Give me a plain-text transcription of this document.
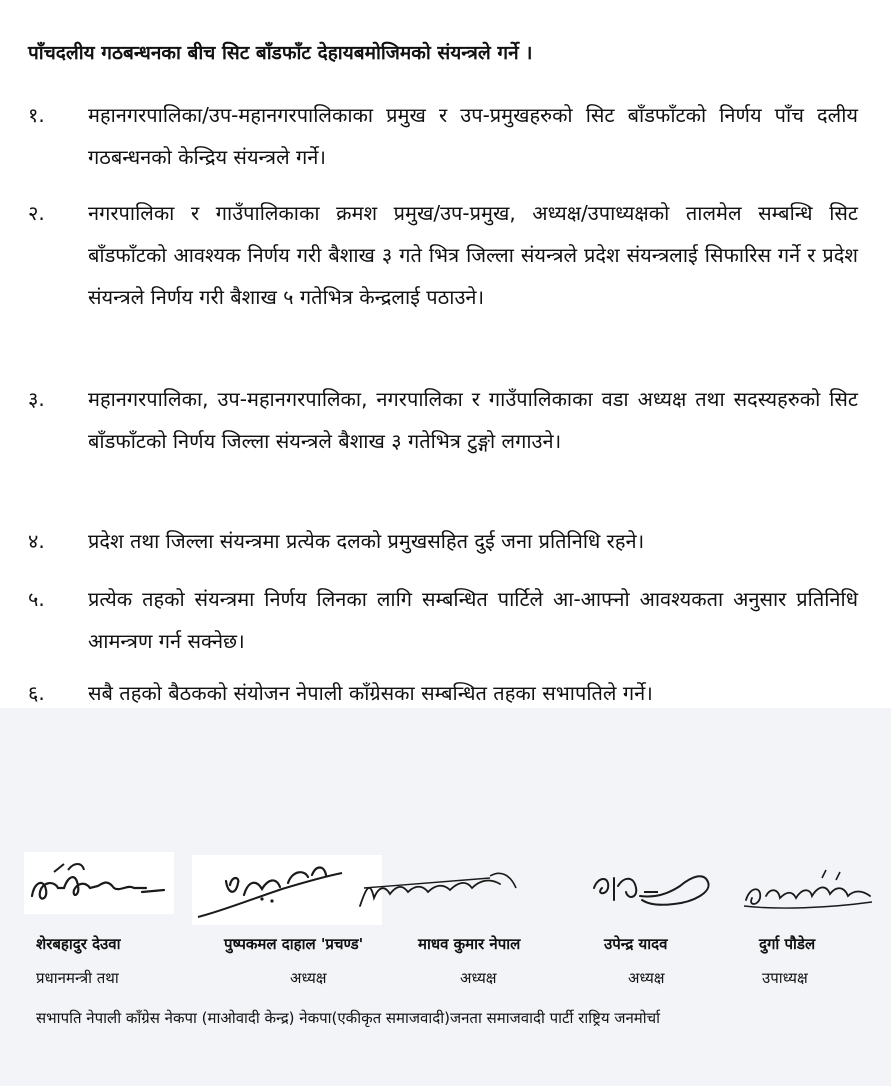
पाँचदलीय गठबन्धनका बीच सिट बाँडफाँट देहायबमोजिमको संयन्त्रले गर्ने ।
१.	महानगरपालिका/उप-महानगरपालिकाका प्रमुख र उप-प्रमुखहरुको सिट बाँडफाँटको निर्णय पाँच दलीय गठबन्धनको केन्द्रिय संयन्त्रले गर्ने।
२.	नगरपालिका र गाउँपालिकाका क्रमश प्रमुख/उप-प्रमुख, अध्यक्ष/उपाध्यक्षको तालमेल सम्बन्धि सिट बाँडफाँटको आवश्यक निर्णय गरी बैशाख ३ गते भित्र जिल्ला संयन्त्रले प्रदेश संयन्त्रलाई सिफारिस गर्ने र प्रदेश संयन्त्रले निर्णय गरी बैशाख ५ गतेभित्र केन्द्रलाई पठाउने।
३.	महानगरपालिका, उप-महानगरपालिका, नगरपालिका र गाउँपालिकाका वडा अध्यक्ष तथा सदस्यहरुको सिट बाँडफाँटको निर्णय जिल्ला संयन्त्रले बैशाख ३ गतेभित्र टुङ्गो लगाउने।
४.	प्रदेश तथा जिल्ला संयन्त्रमा प्रत्येक दलको प्रमुखसहित दुई जना प्रतिनिधि रहने।
५.	प्रत्येक तहको संयन्त्रमा निर्णय लिनका लागि सम्बन्धित पार्टिले आ-आफ्नो आवश्यकता अनुसार प्रतिनिधि आमन्त्रण गर्न सक्नेछ।
६.	सबै तहको बैठकको संयोजन नेपाली काँग्रेसका सम्बन्धित तहका सभापतिले गर्ने।
शेरबहादुर देउवा	पुष्पकमल दाहाल 'प्रचण्ड'	माधव कुमार नेपाल	उपेन्द्र यादव	दुर्गा पौडेल
प्रधानमन्त्री तथा	अध्यक्ष	अध्यक्ष	अध्यक्ष	उपाध्यक्ष
सभापति नेपाली काँग्रेस नेकपा (माओवादी केन्द्र) नेकपा(एकीकृत समाजवादी)जनता समाजवादी पार्टी राष्ट्रिय जनमोर्चा
